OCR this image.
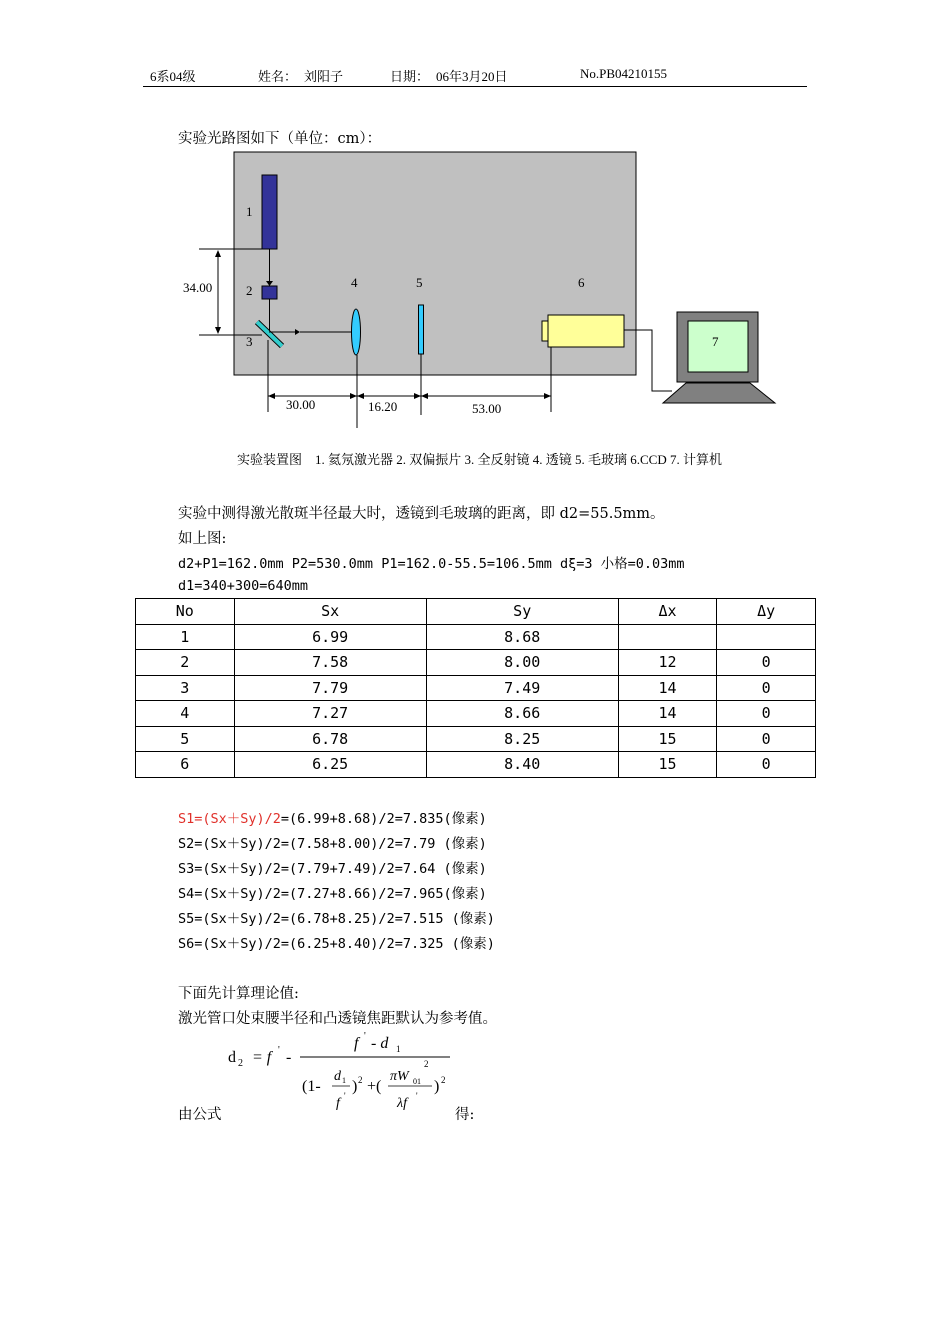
6系04级	姓名： 刘阳子	日期： 06年3月20日	No.PB04210155
实验光路图如下（单位：cm）：
1
2
3
4	5	6
7
34.00
30.00	16.20	53.00
实验装置图　1. 氦氖激光器 2. 双偏振片 3. 全反射镜 4. 透镜 5. 毛玻璃 6.CCD 7. 计算机
实验中测得激光散斑半径最大时，透镜到毛玻璃的距离，即 d2=55.5mm。
如上图:
d2+P1=162.0mm P2=530.0mm P1=162.0-55.5=106.5mm dξ=3 小格=0.03mm
d1=340+300=640mm
No	Sx	Sy	Δx	Δy
1	6.99	8.68		
2	7.58	8.00	12	0
3	7.79	7.49	14	0
4	7.27	8.66	14	0
5	6.78	8.25	15	0
6	6.25	8.40	15	0
S1=(Sx＋Sy)/2=(6.99+8.68)/2=7.835(像素)
S2=(Sx＋Sy)/2=(7.58+8.00)/2=7.79 (像素)
S3=(Sx＋Sy)/2=(7.79+7.49)/2=7.64 (像素)
S4=(Sx＋Sy)/2=(7.27+8.66)/2=7.965(像素)
S5=(Sx＋Sy)/2=(6.78+8.25)/2=7.515 (像素)
S6=(Sx＋Sy)/2=(6.25+8.40)/2=7.325 (像素)
下面先计算理论值:
激光管口处束腰半径和凸透镜焦距默认为参考值。
由公式	得:
d 2 = f ' -
f ' - d 1
(1-
d 1
f '
) 2 +(
πW 01
2
λf '
) 2
